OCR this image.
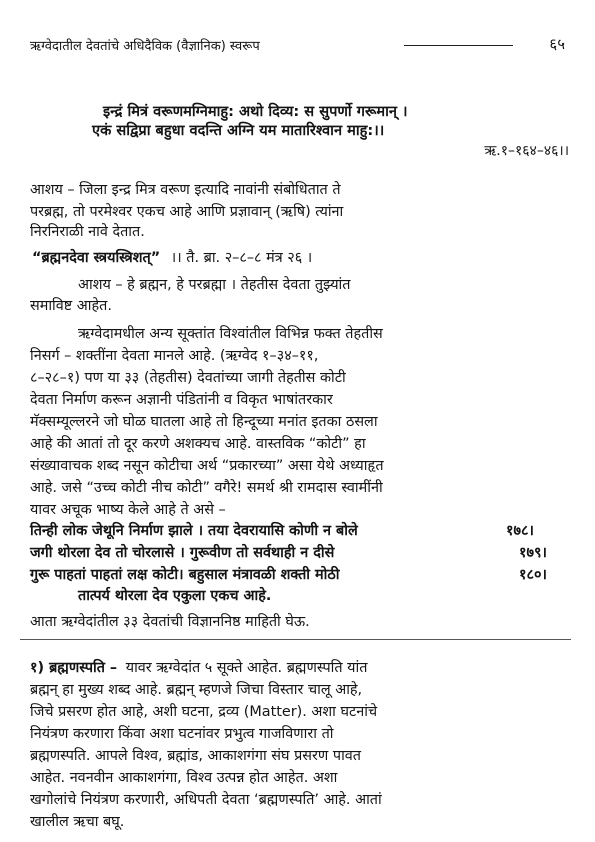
ऋग्वेदातील देवतांचे अधिदैविक (वैज्ञानिक) स्वरूप	६५
इन्द्रं मित्रं वरूणमग्निमाहु: अथो दिव्य: स सुपर्णो गरूमान् ।
एकं सद्विप्रा बहुधा वदन्ति अग्नि यम मातारिश्वान माहु:।।
ऋ.१–१६४–४६।।
आशय – जिला इन्द्र मित्र वरूण इत्यादि नावांनी संबोधितात ते
परब्रह्म, तो परमेश्वर एकच आहे आणि प्रज्ञावान् (ऋषि) त्यांना
निरनिराळी नावे देतात.
“ब्रह्मनदेवा स्त्रयस्त्रिशत्” ।। तै. ब्रा. २–८–८ मंत्र २६ ।
आशय – हे ब्रह्मन, हे परब्रह्मा । तेहतीस देवता तुझ्यांत
समाविष्ट आहेत.
ऋग्वेदामधील अन्य सूक्तांत विश्वांतील विभिन्न फक्त तेहतीस
निसर्ग – शक्तींना देवता मानले आहे. (ऋग्वेद १–३४–११,
८–२८–१) पण या ३३ (तेहतीस) देवतांच्या जागी तेहतीस कोटी
देवता निर्माण करून अज्ञानी पंडितांनी व विकृत भाषांतरकार
मॅक्सम्यूल्लरने जो घोळ घातला आहे तो हिन्दूच्या मनांत इतका ठसला
आहे की आतां तो दूर करणे अशक्यच आहे. वास्तविक “कोटी” हा
संख्यावाचक शब्द नसून कोटीचा अर्थ “प्रकारच्या” असा येथे अध्याहृत
आहे. जसे “उच्च कोटी नीच कोटी” वगैरे! समर्थ श्री रामदास स्वामींनी
यावर अचूक भाष्य केले आहे ते असे –
तिन्ही लोक जेथूनि निर्माण झाले । तया देवरायासि कोणी न बोले	१७८।
जगी थोरला देव तो चोरलासे । गुरूवीण तो सर्वथाही न दीसे	१७९।
गुरू पाहतां पाहतां लक्ष कोटी। बहुसाल मंत्रावळी शक्ती मोठी	१८०।
तात्पर्य थोरला देव एकुला एकच आहे.
आता ऋग्वेदांतील ३३ देवतांची विज्ञाननिष्ठ माहिती घेऊ.
१) ब्रह्मणस्पति – यावर ऋग्वेदांत ५ सूक्ते आहेत. ब्रह्मणस्पति यांत
ब्रह्मन् हा मुख्य शब्द आहे. ब्रह्मन् म्हणजे जिचा विस्तार चालू आहे,
जिचे प्रसरण होत आहे, अशी घटना, द्रव्य (Matter). अशा घटनांचे
नियंत्रण करणारा किंवा अशा घटनांवर प्रभुत्व गाजविणारा तो
ब्रह्मणस्पति. आपले विश्व, ब्रह्मांड, आकाशगंगा संघ प्रसरण पावत
आहेत. नवनवीन आकाशगंगा, विश्व उत्पन्न होत आहेत. अशा
खगोलांचे नियंत्रण करणारी, अधिपती देवता ‘ब्रह्मणस्पति’ आहे. आतां
खालील ऋचा बघू.
